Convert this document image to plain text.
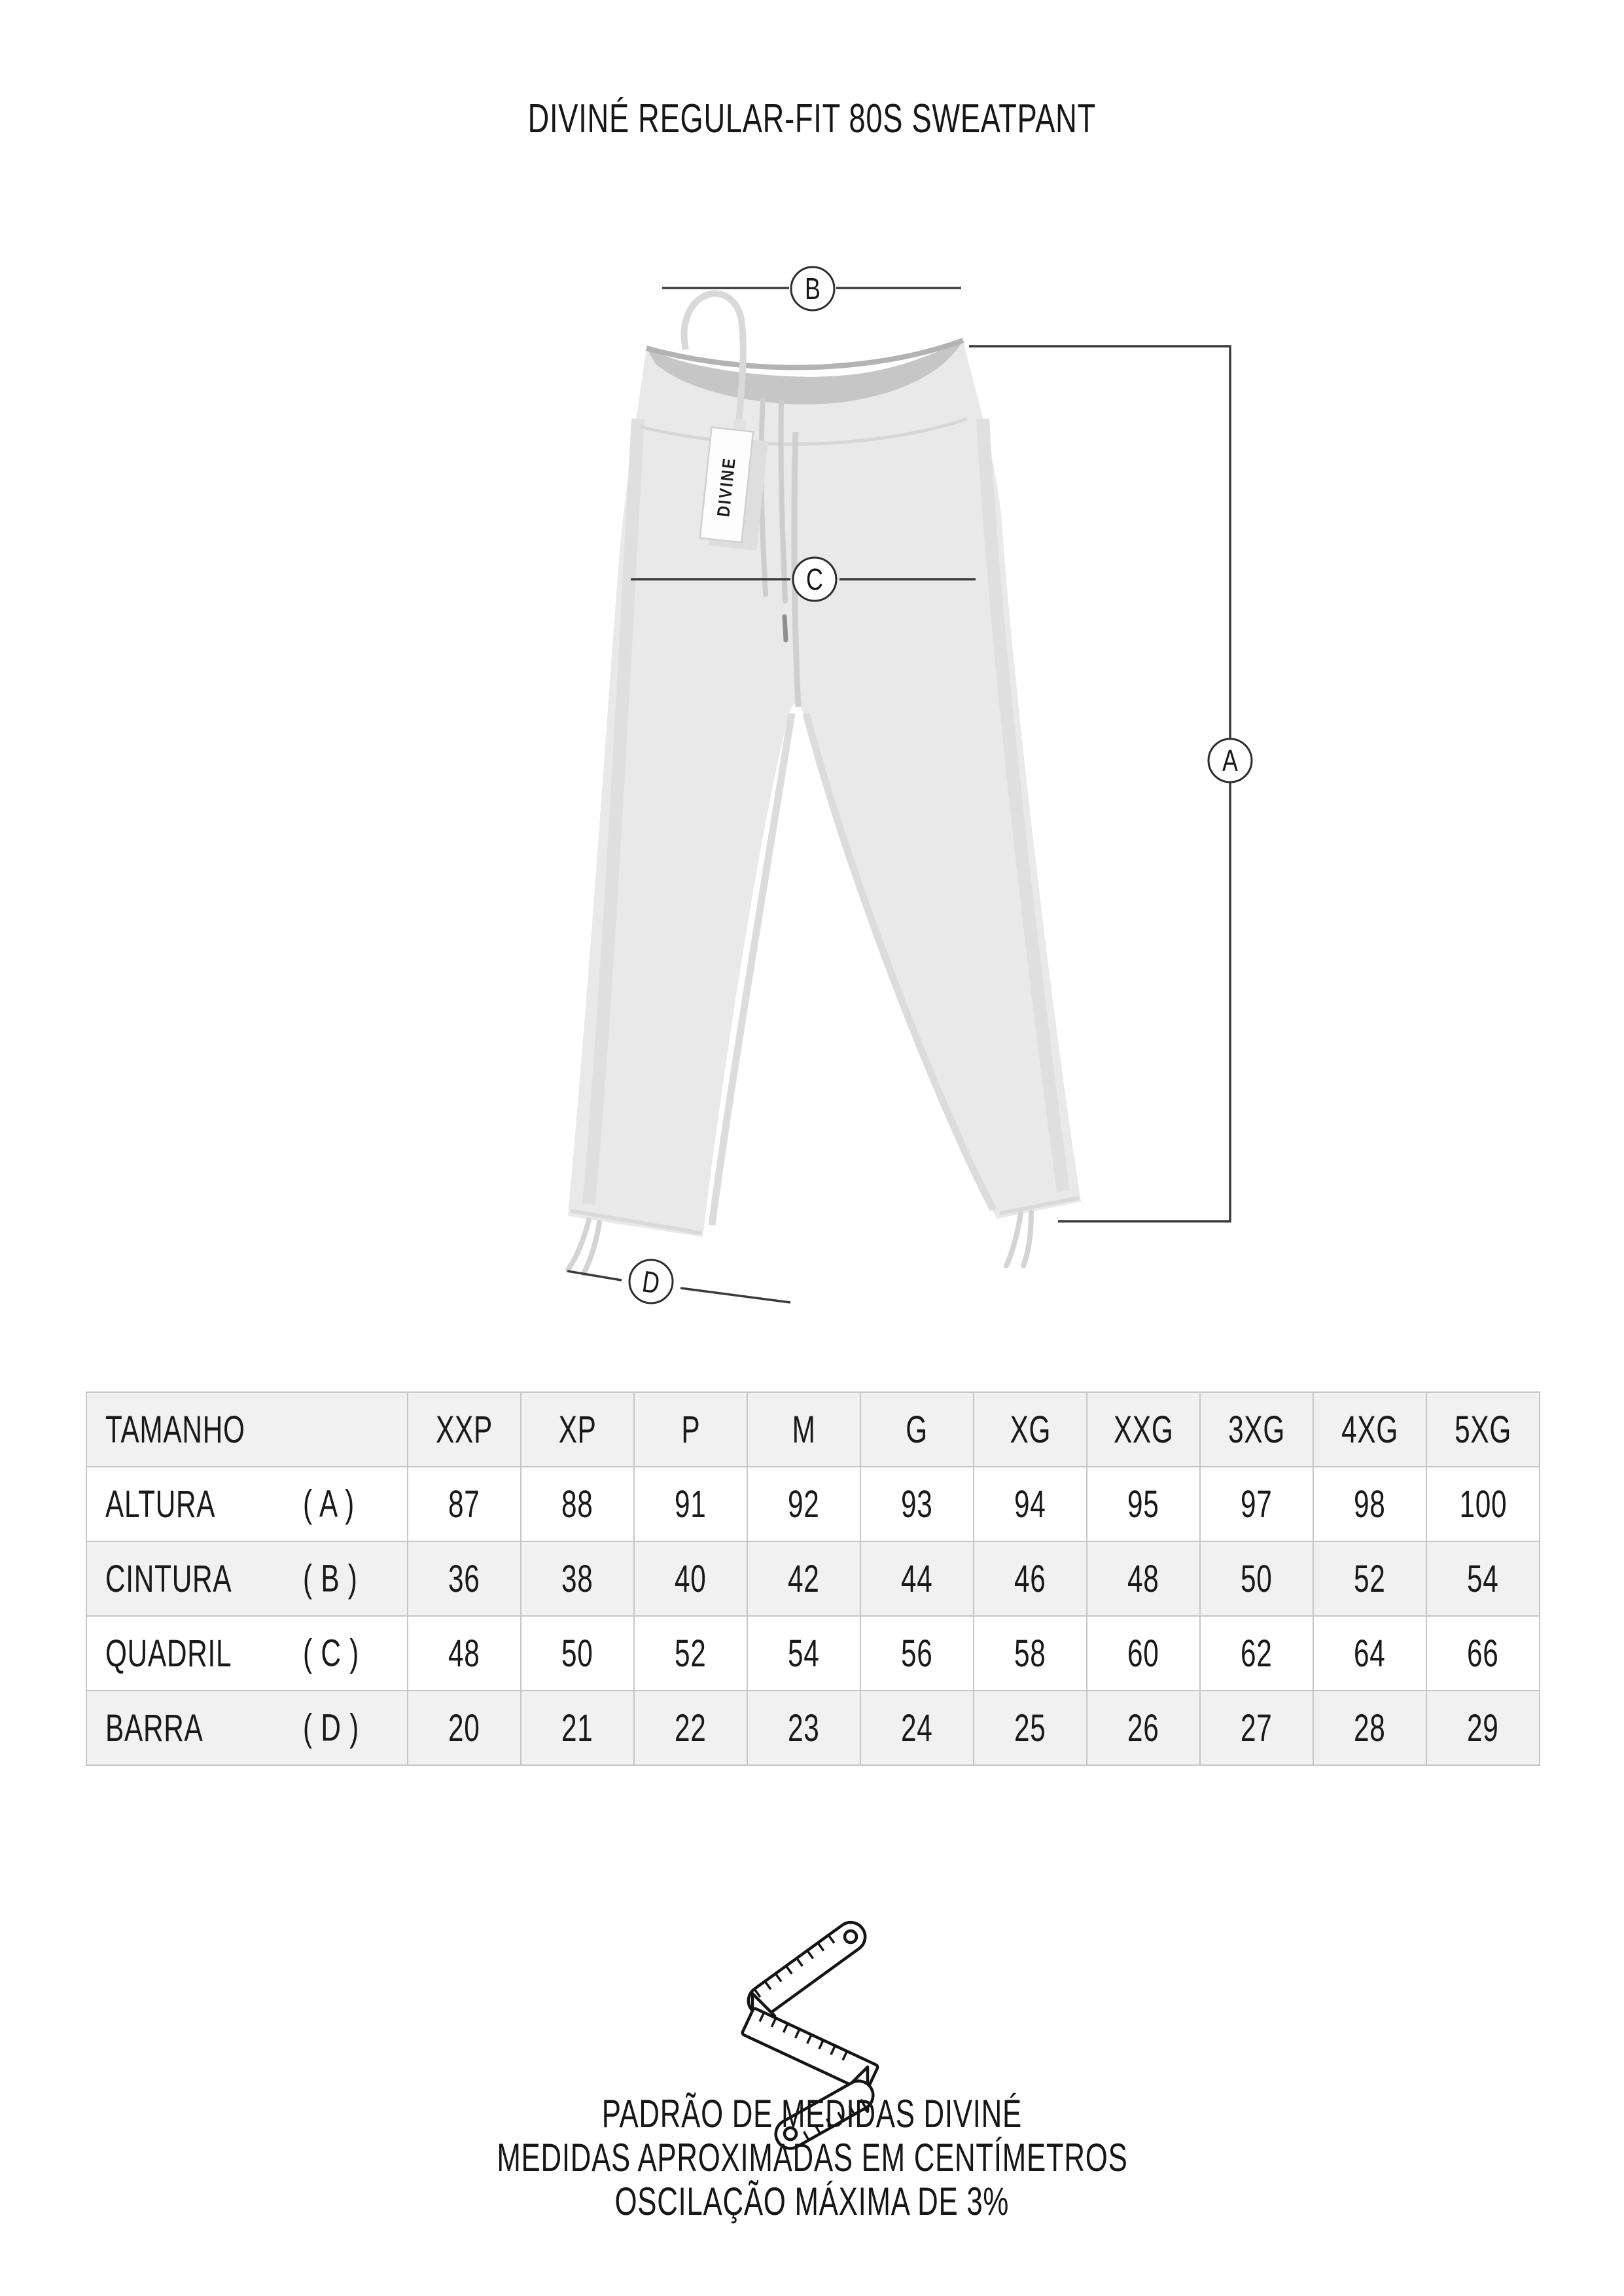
DIVINÉ REGULAR-FIT 80S SWEATPANT
DIVINE
B
C
A
D
TAMANHO	XXP	XP	P	M	G	XG	XXG	3XG	4XG	5XG
ALTURA ( A )	87	88	91	92	93	94	95	97	98	100
CINTURA ( B )	36	38	40	42	44	46	48	50	52	54
QUADRIL ( C )	48	50	52	54	56	58	60	62	64	66
BARRA ( D )	20	21	22	23	24	25	26	27	28	29
PADRÃO DE MEDIDAS DIVINÉ
MEDIDAS APROXIMADAS EM CENTÍMETROS
OSCILAÇÃO MÁXIMA DE 3%
